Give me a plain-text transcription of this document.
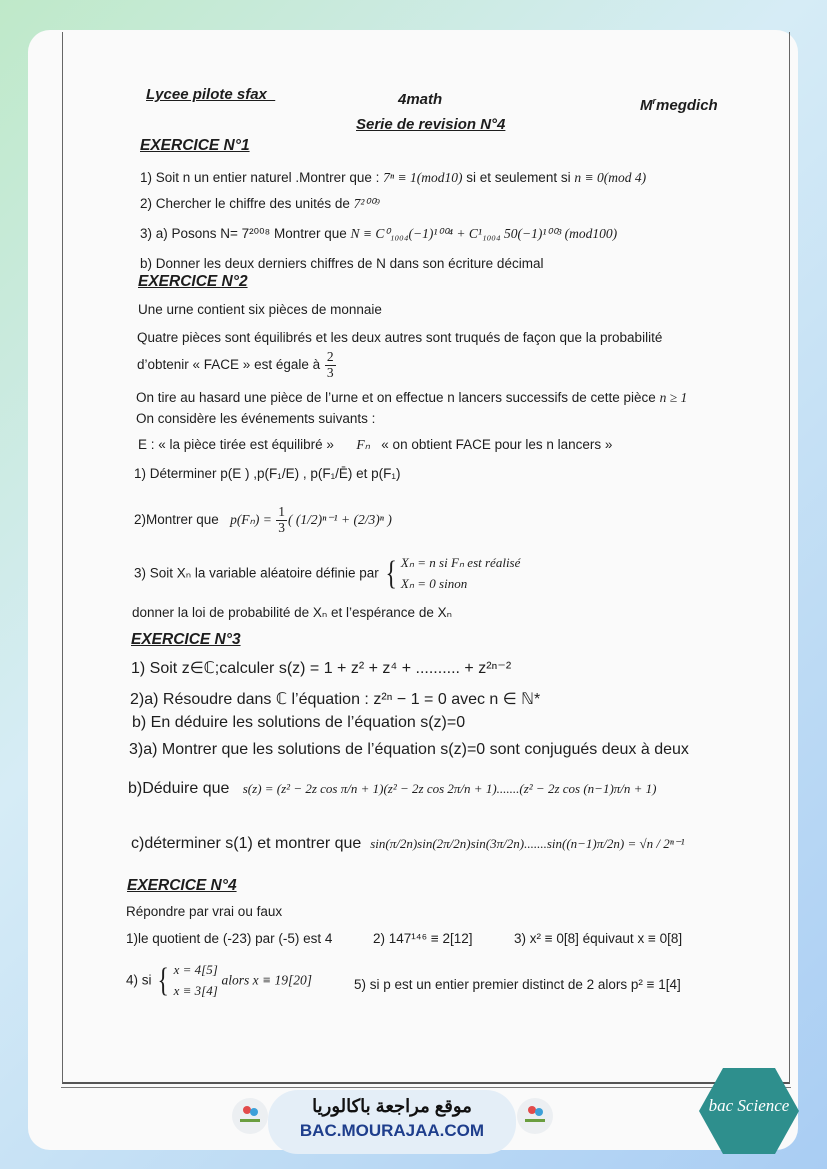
Lycee pilote sfax_	4math	$M^rmegdich$
Serie de revision N°4
EXERCICE N°1
1) Soit n un entier naturel .Montrer que : 7ⁿ ≡ 1(mod10) si et seulement si n ≡ 0(mod 4)
2) Chercher le chiffre des unités de 7²⁰⁰⁹
3) a) Posons N= 7²⁰⁰⁸ Montrer que N ≡ C⁰₁₀₀₄(−1)¹⁰⁰⁴ + C¹₁₀₀₄ 50(−1)¹⁰⁰³ (mod100)
b) Donner les deux derniers chiffres de N dans son écriture décimal
EXERCICE N°2
Une urne contient six pièces de monnaie
Quatre pièces sont équilibrés et les deux autres sont truqués de façon que la probabilité
d’obtenir « FACE » est égale à $\frac{2}{3}$
On tire au hasard une pièce de l’urne et on effectue n lancers successifs de cette pièce n ≥ 1
On considère les événements suivants :
E : « la pièce tirée est équilibré » Fₙ « on obtient FACE pour les n lancers »
1) Déterminer p(E ) ,p(F₁/E) , p(F₁/Ē) et p(F₁)
2)Montrer que $p(F_n) = \frac{1}{3}$ ( (1/2)ⁿ⁻¹ + (2/3)ⁿ )
3) Soit Xₙ la variable aléatoire définie par { Xₙ = n si Fₙ est réalisé
Xₙ = 0 sinon
donner la loi de probabilité de Xₙ et l’espérance de Xₙ
EXERCICE N°3
1) Soit z∈ℂ;calculer s(z) = 1 + z² + z⁴ + .......... + z²ⁿ⁻²
2)a) Résoudre dans ℂ l’équation : z²ⁿ − 1 = 0 avec n ∈ ℕ*
b) En déduire les solutions de l’équation s(z)=0
3)a) Montrer que les solutions de l’équation s(z)=0 sont conjugués deux à deux
b)Déduire que s(z) = (z² − 2z cos π/n + 1)(z² − 2z cos 2π/n + 1).......(z² − 2z cos (n−1)π/n + 1)
c)déterminer s(1) et montrer que sin(π/2n)sin(2π/2n)sin(3π/2n).......sin((n−1)π/2n) = √n / 2ⁿ⁻¹
EXERCICE N°4
Répondre par vrai ou faux
1)le quotient de (-23) par (-5) est 4	2) 147¹⁴⁶ ≡ 2[12]	3) x² ≡ 0[8] équivaut x ≡ 0[8]
4) si { x = 4[5]
x ≡ 3[4]
alors x ≡ 19[20]	5) si p est un entier premier distinct de 2 alors p² ≡ 1[4]
موقع مراجعة باكالوريا
BAC.MOURAJAA.COM
bac Science
